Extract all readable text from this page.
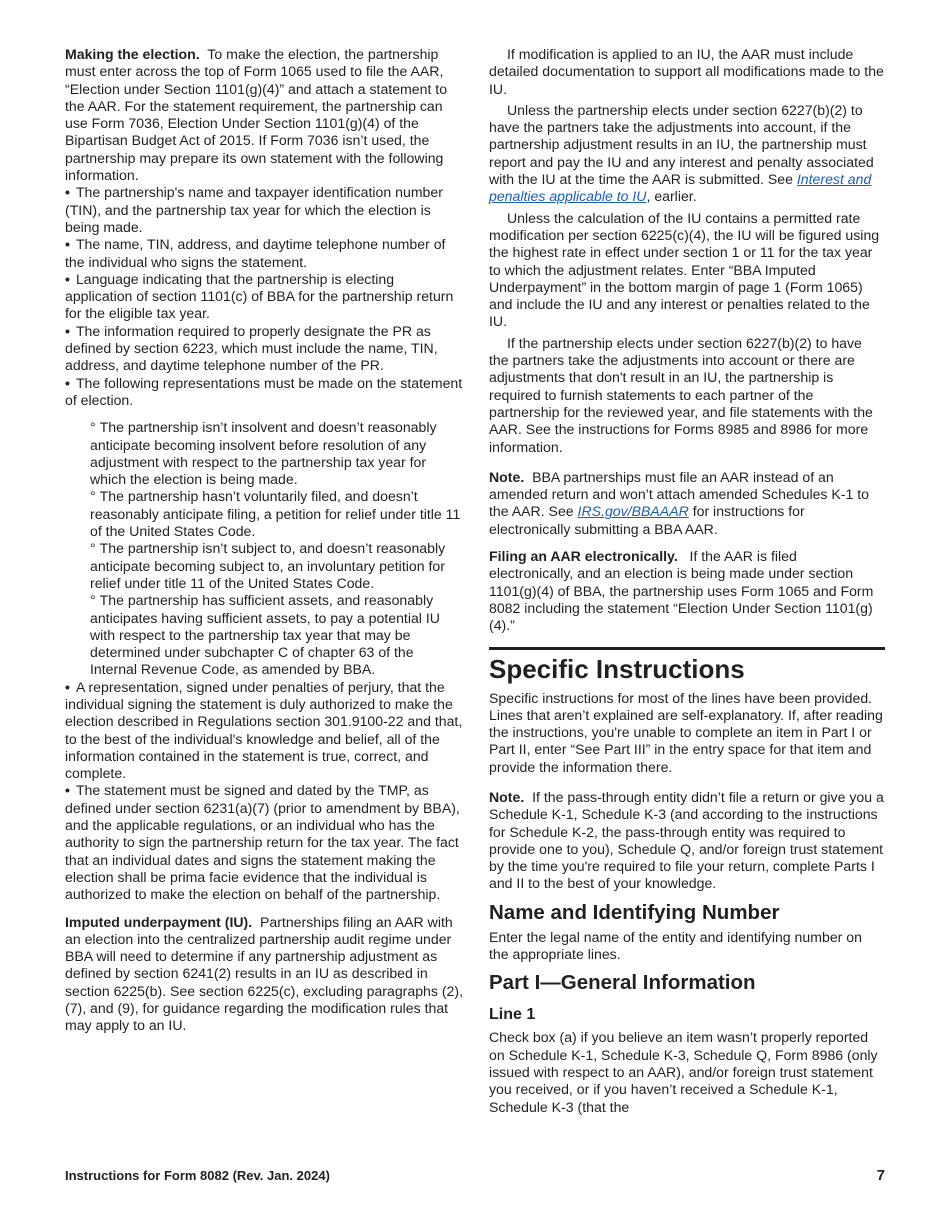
Making the election. To make the election, the partnership must enter across the top of Form 1065 used to file the AAR, “Election under Section 1101(g)(4)” and attach a statement to the AAR. For the statement requirement, the partnership can use Form 7036, Election Under Section 1101(g)(4) of the Bipartisan Budget Act of 2015. If Form 7036 isn’t used, the partnership may prepare its own statement with the following information.

• The partnership's name and taxpayer identification number (TIN), and the partnership tax year for which the election is being made.

• The name, TIN, address, and daytime telephone number of the individual who signs the statement.

• Language indicating that the partnership is electing application of section 1101(c) of BBA for the partnership return for the eligible tax year.

• The information required to properly designate the PR as defined by section 6223, which must include the name, TIN, address, and daytime telephone number of the PR.

• The following representations must be made on the statement of election.

° The partnership isn’t insolvent and doesn’t reasonably anticipate becoming insolvent before resolution of any adjustment with respect to the partnership tax year for which the election is being made.

° The partnership hasn’t voluntarily filed, and doesn’t reasonably anticipate filing, a petition for relief under title 11 of the United States Code.

° The partnership isn’t subject to, and doesn’t reasonably anticipate becoming subject to, an involuntary petition for relief under title 11 of the United States Code.

° The partnership has sufficient assets, and reasonably anticipates having sufficient assets, to pay a potential IU with respect to the partnership tax year that may be determined under subchapter C of chapter 63 of the Internal Revenue Code, as amended by BBA.

• A representation, signed under penalties of perjury, that the individual signing the statement is duly authorized to make the election described in Regulations section 301.9100-22 and that, to the best of the individual's knowledge and belief, all of the information contained in the statement is true, correct, and complete.

• The statement must be signed and dated by the TMP, as defined under section 6231(a)(7) (prior to amendment by BBA), and the applicable regulations, or an individual who has the authority to sign the partnership return for the tax year. The fact that an individual dates and signs the statement making the election shall be prima facie evidence that the individual is authorized to make the election on behalf of the partnership.

Imputed underpayment (IU). Partnerships filing an AAR with an election into the centralized partnership audit regime under BBA will need to determine if any partnership adjustment as defined by section 6241(2) results in an IU as described in section 6225(b). See section 6225(c), excluding paragraphs (2), (7), and (9), for guidance regarding the modification rules that may apply to an IU.

If modification is applied to an IU, the AAR must include detailed documentation to support all modifications made to the IU.

Unless the partnership elects under section 6227(b)(2) to have the partners take the adjustments into account, if the partnership adjustment results in an IU, the partnership must report and pay the IU and any interest and penalty associated with the IU at the time the AAR is submitted. See Interest and penalties applicable to IU, earlier.

Unless the calculation of the IU contains a permitted rate modification per section 6225(c)(4), the IU will be figured using the highest rate in effect under section 1 or 11 for the tax year to which the adjustment relates. Enter “BBA Imputed Underpayment” in the bottom margin of page 1 (Form 1065) and include the IU and any interest or penalties related to the IU.

If the partnership elects under section 6227(b)(2) to have the partners take the adjustments into account or there are adjustments that don't result in an IU, the partnership is required to furnish statements to each partner of the partnership for the reviewed year, and file statements with the AAR. See the instructions for Forms 8985 and 8986 for more information.

Note. BBA partnerships must file an AAR instead of an amended return and won’t attach amended Schedules K-1 to the AAR. See IRS.gov/BBAAAR for instructions for electronically submitting a BBA AAR.

Filing an AAR electronically. If the AAR is filed electronically, and an election is being made under section 1101(g)(4) of BBA, the partnership uses Form 1065 and Form 8082 including the statement “Election Under Section 1101(g)(4).”

Specific Instructions

Specific instructions for most of the lines have been provided. Lines that aren’t explained are self-explanatory. If, after reading the instructions, you're unable to complete an item in Part I or Part II, enter “See Part III” in the entry space for that item and provide the information there.

Note. If the pass-through entity didn’t file a return or give you a Schedule K-1, Schedule K-3 (and according to the instructions for Schedule K-2, the pass-through entity was required to provide one to you), Schedule Q, and/or foreign trust statement by the time you're required to file your return, complete Parts I and II to the best of your knowledge.

Name and Identifying Number

Enter the legal name of the entity and identifying number on the appropriate lines.

Part I—General Information
Line 1

Check box (a) if you believe an item wasn’t properly reported on Schedule K-1, Schedule K-3, Schedule Q, Form 8986 (only issued with respect to an AAR), and/or foreign trust statement you received, or if you haven’t received a Schedule K-1, Schedule K-3 (that the

Instructions for Form 8082 (Rev. Jan. 2024)	7
